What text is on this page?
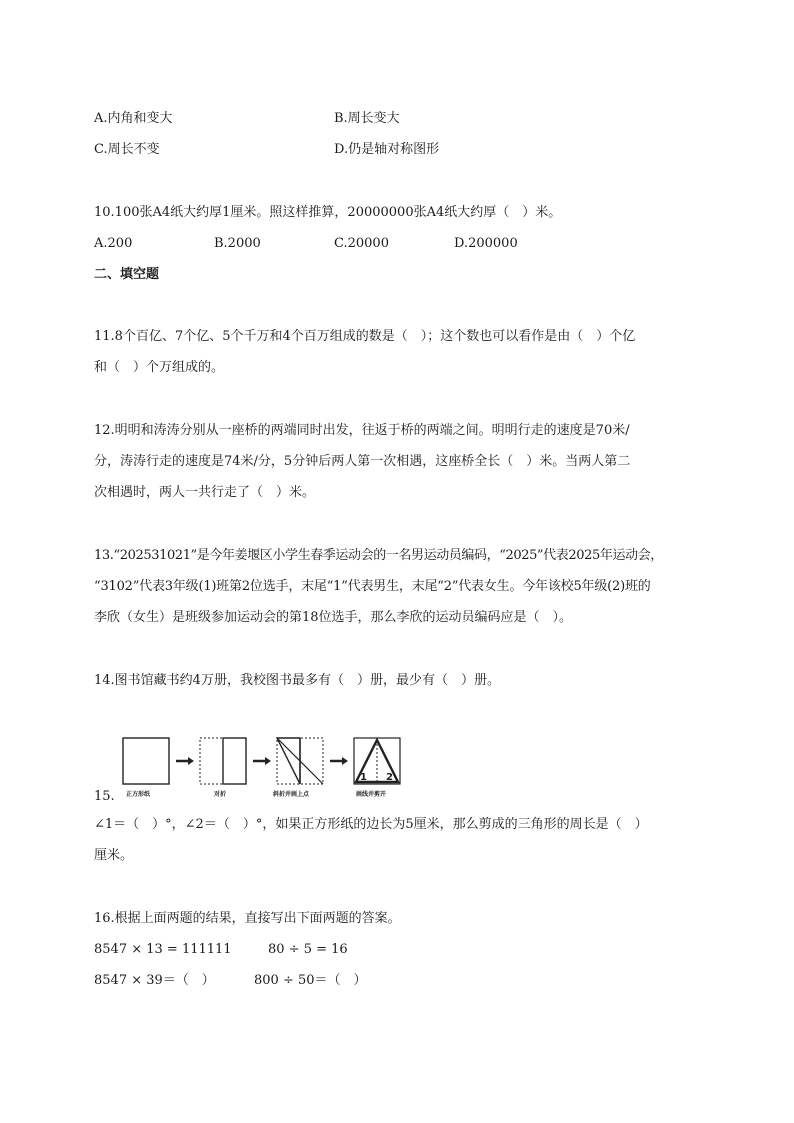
A.内角和变大	B.周长变大
C.周长不变	D.仍是轴对称图形
10.100张A4纸大约厚1厘米。照这样推算，20000000张A4纸大约厚（　）米。
A.200	B.2000	C.20000	D.200000
二、填空题
11.8个百亿、7个亿、5个千万和4个百万组成的数是（　）；这个数也可以看作是由（　）个亿
和（　）个万组成的。
12.明明和涛涛分别从一座桥的两端同时出发，往返于桥的两端之间。明明行走的速度是70米/
分，涛涛行走的速度是74米/分，5分钟后两人第一次相遇，这座桥全长（　）米。当两人第二
次相遇时，两人一共行走了（　）米。
13.“202531021”是今年姜堰区小学生春季运动会的一名男运动员编码，“2025”代表2025年运动会，
“3102”代表3年级(1)班第2位选手，末尾“1”代表男生，末尾“2”代表女生。今年该校5年级(2)班的
李欣（女生）是班级参加运动会的第18位选手，那么李欣的运动员编码应是（　）。
14.图书馆藏书约4万册，我校图书最多有（　）册，最少有（　）册。
正方形纸	对折	斜折并画上点
1 2
画线并剪开
15.
∠1＝（　）°，∠2＝（　）°，如果正方形纸的边长为5厘米，那么剪成的三角形的周长是（　）
厘米。
16.根据上面两题的结果，直接写出下面两题的答案。
8547 × 13 = 111111	80 ÷ 5 = 16
8547 × 39＝（　）	800 ÷ 50＝（　）
